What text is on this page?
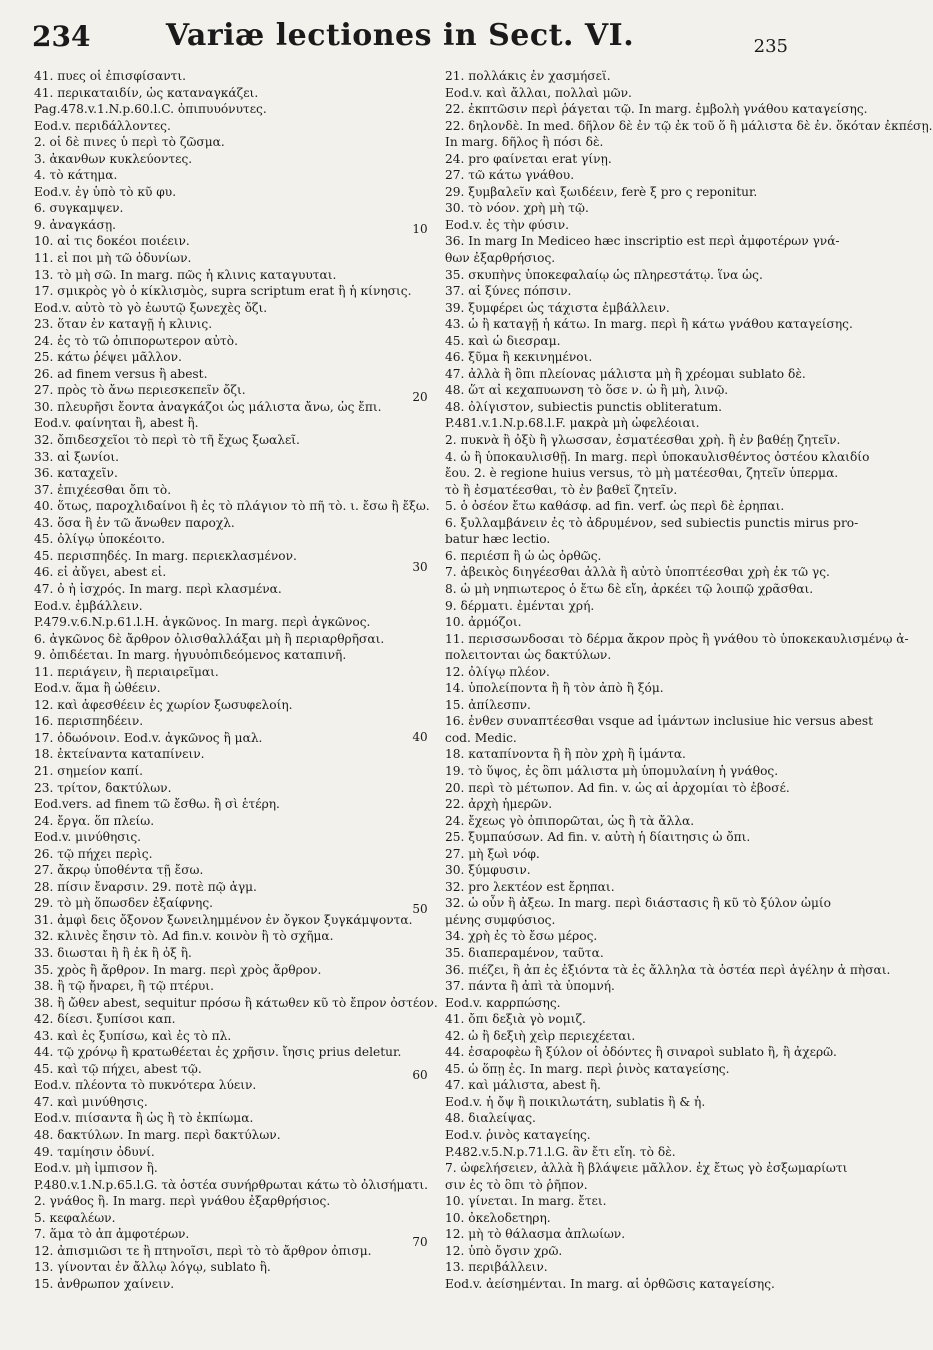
234	Variæ lectiones in Sect. VI.	235
41. πυες οἱ ἐπισφίσαντι.
41. περικαταιδίν, ὡς καταναγκάζει.
Pag.478.v.1.N.p.60.l.C. ὀπιπυυόνυτες.
Eod.v. περιδάλλοντες.
2. οἱ δὲ πινες ὑ περὶ τὸ ζῶσμα.
3. ἀκανθων κυκλεύοντες.
4. τὸ κάτημα.
Eod.v. ἐγ ὑπὸ τὸ κῦ φυ.
6. συγκαμψεν.
9. ἀναγκάσῃ.
10. αἰ τις δοκέοι ποιέειν.
11. εἰ ποι μὴ τῶ ὀδυνίων.
13. τὸ μὴ σῶ. In marg. πῶς ἡ κλινις καταγυυται.
17. σμικρὸς γὸ ὁ κίκλισμὸς, supra scriptum erat ἢ ἡ κίνησις.
Eod.v. αὐτὸ τὸ γὸ ἑωυτῷ ξωνεχὲς ὄζι.
23. ὅταν ἐν καταγῇ ἡ κλινις.
24. ἐς τὸ τῶ ὀπιπορωτερον αὐτὸ.
25. κάτω ῥέψει μᾶλλον.
26. ad finem versus ἢ abest.
27. πρὸς τὸ ἄνω περιεσκεπεῖν ὄζι.
30. πλευρῆσι ἔοντα ἀναγκάζοι ὡς μάλιστα ἄνω, ὡς ἔπι.
Eod.v. φαίνηται ἢ, abest ἢ.
32. ὄπιδεσχεῖοι τὸ περὶ τὸ τῆ ἔχως ξωαλεῖ.
33. αἰ ξωνίοι.
36. καταχεῖν.
37. ἐπιχέεσθαι ὄπι τὸ.
40. ὅτως, παροχλιδαίνοι ἢ ἐς τὸ πλάγιον τὸ πῆ τὸ. ι. ἔσω ἢ ἔξω.
43. ὅσα ἢ ἐν τῶ ἄνωθεν παροχλ.
45. ὀλίγῳ ὑποκέοιτο.
45. περισπηδές. In marg. περιεκλασμένον.
46. εἰ ἀὔγει, abest εἰ.
47. ὀ ἠ ἰσχρός. In marg. περὶ κλασμένα.
Eod.v. ἐμβάλλειν.
P.479.v.6.N.p.61.l.H. ἀγκῶνος. In marg. περὶ ἀγκῶνος.
6. ἀγκῶνος δὲ ἄρθρον ὀλισθαλλάξαι μὴ ἢ περιαρθρῆσαι.
9. ὀπιδέεται. In marg. ἡγυυὀπιδεόμενος καταπινῆ.
11. περιάγειν, ἢ περιαιρεῖμαι.
Eod.v. ἅμα ἢ ὠθέειν.
12. καὶ ἀφεσθέειν ἐς χωρίον ξωσυφελοίη.
16. περισπηδέειν.
17. ὀδωόνοιν. Eod.v. ἀγκῶνος ἢ μαλ.
18. ἐκτείναντα καταπίνειν.
21. σημείον καπί.
23. τρίτον, δακτύλων.
Eod.vers. ad finem τῶ ἔσθω. ἢ σὶ ἑτέρη.
24. ἔργα. ὅπ πλείω.
Eod.v. μινύθησις.
26. τῷ πήχει περὶς.
27. ἄκρῳ ὑποθέντα τῇ ἔσω.
28. πίσιν ἔναρσιν. 29. ποτὲ πῷ ἀγμ.
29. τὸ μὴ ὅπωσδεν ἐξαίφνης.
31. ἀμφὶ δεις ὄξονον ξωνειλημμένον ἐν ὄγκον ξυγκάμψοντα.
32. κλινὲς ἔησιν τὸ. Ad fin.v. κοινὸν ἢ τὸ σχῆμα.
33. διωσται ἢ ἢ ἐκ ἢ ὀξ ἢ.
35. χρὸς ἢ ἄρθρον. In marg. περὶ χρὸς ἄρθρον.
38. ἢ τῷ ἤναρει, ἢ τῷ πτέρυι.
38. ἢ ὤθεν abest, sequitur πρόσω ἢ κάτωθεν κῦ τὸ ἔπρον ὀστέον.
42. δίεσι. ξυπίσοι καπ.
43. καὶ ἐς ξυπίσω, καὶ ἐς τὸ πλ.
44. τῷ χρόνῳ ἢ κρατωθέεται ἐς χρῆσιν. ἴησις prius deletur.
45. καὶ τῷ πήχει, abest τῷ.
Eod.v. πλέοντα τὸ πυκνότερα λύειν.
47. καὶ μινύθησις.
Eod.v. πιίσαντα ἢ ὡς ἢ τὸ ἐκπίωμα.
48. δακτύλων. In marg. περὶ δακτύλων.
49. ταμίησιν ὀδυνί.
Eod.v. μὴ ἰμπισον ἢ.
P.480.v.1.N.p.65.l.G. τὰ ὀστέα συνήρθρωται κάτω τὸ ὀλισήματι.
2. γνάθος ἢ. In marg. περὶ γνάθου ἐξαρθρήσιος.
5. κεφαλέων.
7. ἅμα τὸ ἀπ ἀμφοτέρων.
12. ἀπισμιῶσι τε ἢ πτηνοῖσι, περὶ τὸ τὸ ἄρθρον ὀπισμ.
13. γίνονται ἐν ἄλλῳ λόγῳ, sublato ἢ.
15. ἀνθρωπον χαίνειν.
21. πολλάκις ἐν χασμήσεϊ.
Eod.v. καὶ ἄλλαι, πολλαὶ μῶν.
22. ἐκπτῶσιν περὶ ῥάγεται τῷ. In marg. ἐμβολὴ γνάθου καταγείσης.
22. δηλονδὲ. In med. δῆλον δὲ ἐν τῷ ἐκ τοῦ ὅ ἢ μάλιστα δὲ ἐν. ὅκόταν ἐκπέσῃ.
In marg. δῆλος ἢ πόσι δὲ.
24. pro φαίνεται erat γίνῃ.
27. τῶ κάτω γνάθου.
29. ξυμβαλεῖν καὶ ξωιδέειν, ferè ξ pro ς reponitur.
30. τὸ νόον. χρὴ μὴ τῷ.
Eod.v. ἐς τὴν φύσιν.
36. In marg In Mediceo hæc inscriptio est περὶ ἀμφοτέρων γνά-
θων ἐξαρθρήσιος.
35. σκυπὴνς ὑποκεφαλαίῳ ὡς πληρεστάτῳ. ἵνα ὡς.
37. αἱ ξύνες πόπσιν.
39. ξυμφέρει ὡς τάχιστα ἐμβάλλειν.
43. ὡ ἢ καταγῇ ἡ κάτω. In marg. περὶ ἢ κάτω γνάθου καταγείσης.
45. καὶ ὡ διεσραμ.
46. ξῦμα ἢ κεκινημένοι.
47. ἀλλὰ ἢ ὃπι πλείονας μάλιστα μὴ ἢ χρέομαι sublato δὲ.
48. ὥτ αἰ κεχαπυωνση τὸ ὅσε ν. ὡ ἢ μὴ, λινῷ.
48. ὀλίγιστον, subiectis punctis obliteratum.
P.481.v.1.N.p.68.l.F. μακρὰ μὴ ὠφελέοιαι.
2. πυκνὰ ἢ ὀξὺ ἢ γλωσσαν, ἐσματέεσθαι χρὴ. ἢ ἐν βαθέῃ ζητεῖν.
4. ὡ ἢ ὑποκαυλισθῇ. In marg. περὶ ὑποκαυλισθέντος ὀστέου κλαιδίο
ἔου. 2. è regione huius versus, τὸ μὴ ματέεσθαι, ζητεῖν ὑπερμα.
τὸ ἢ ἐσματέεσθαι, τὸ ἐν βαθεῖ ζητεῖν.
5. ὁ ὀσέον ἔτω καθάσφ. ad fin. verf. ὡς περὶ δὲ ἐρηπαι.
6. ξυλλαμβάνειν ἐς τὸ ἀδρυμένον, sed subiectis punctis mirus pro-
batur hæc lectio.
6. περιέσπ ἢ ὡ ὡς ὀρθῶς.
7. ἀβεικὸς διηγέεσθαι ἀλλὰ ἢ αὐτὸ ὑποπτέεσθαι χρὴ ἐκ τῶ γς.
8. ὡ μὴ νηπιωτερος ὁ ἔτω δὲ εἴη, ἀρκέει τῷ λοιπῷ χρᾶσθαι.
9. δέρματι. ἐμένται χρή.
10. ἀρμόζοι.
11. περισσωνδοσαι τὸ δέρμα ἄκρον πρὸς ἢ γνάθου τὸ ὑποκεκαυλισμένῳ ἀ-
πολειτονται ὡς δακτύλων.
12. ὀλίγῳ πλέον.
14. ὑπολείποντα ἢ ἢ τὸν ἀπὸ ἢ ξόμ.
15. ἀπίλεσπν.
16. ἐνθεν συναπτέεσθαι vsque ad ἱμάντων inclusiue hic versus abest
cod. Medic.
18. καταπίνοντα ἢ ἢ πὸν χρὴ ἢ ἱμάντα.
19. τὸ ὕψος, ἐς ὃπι μάλιστα μὴ ὑπομυλαίνη ἡ γνάθος.
20. περὶ τὸ μέτωπον. Ad fin. v. ὡς αἱ ἀρχομίαι τὸ ἐβοσέ.
22. ἀρχὴ ἡμερῶν.
24. ἔχεως γὸ ὀπιπορῶται, ὡς ἢ τὰ ἄλλα.
25. ξυμπαύσων. Ad fin. v. αὐτὴ ἡ δίαιτησις ὡ ὄπι.
27. μὴ ξωὶ νόφ.
30. ξύμφυσιν.
32. pro λεκτέον est ἔρηπαι.
32. ὡ οὖν ἢ ἀξεω. In marg. περὶ διάστασις ἢ κῦ τὸ ξύλον ὠμίο
μένης συμφύσιος.
34. χρὴ ἐς τὸ ἔσω μέρος.
35. διαπεραμένον, ταῦτα.
36. πιέζει, ἢ ἀπ ἐς ἐξιόντα τὰ ἐς ἄλληλα τὰ ὀστέα περὶ ἀγέλην ἀ πὴσαι.
37. πάντα ἢ ἀπὶ τὰ ὑπομνή.
Eod.v. καρρπώσης.
41. ὄπι δεξιὰ γὸ νομιζ.
42. ὡ ἢ δεξιὴ χεὶρ περιεχέεται.
44. ἐσαροφὲω ἢ ξύλον οἱ ὀδόντες ἢ σιναροὶ sublato ἢ, ἢ ἀχερῶ.
45. ὡ ὅπῃ ἐς. In marg. περὶ ῥινὸς καταγείσης.
47. καὶ μάλιστα, abest ἢ.
Eod.v. ἡ ὄψ ἢ ποικιλωτάτη, sublatis ἢ & ἡ.
48. διαλείψας.
Eod.v. ῥινὸς καταγείης.
P.482.v.5.N.p.71.l.G. ἂν ἔτι εἴη. τὸ δὲ.
7. ὠφελήσειεν, ἀλλὰ ἢ βλάψειε μᾶλλον. ἐχ ἔτως γὸ ἐσξωμαρίωτι
σιν ἐς τὸ ὃπι τὸ ῥῆπον.
10. γίνεται. In marg. ἔτει.
10. ὀκελοδετηρη.
12. μὴ τὸ θάλασμα ἀπλωίων.
12. ὑπὸ ὄγσιν χρῶ.
13. περιβάλλειν.
Eod.v. ἀείσημένται. In marg. αἱ ὀρθῶσις καταγείσης.
10
20
30
40
50
60
70
